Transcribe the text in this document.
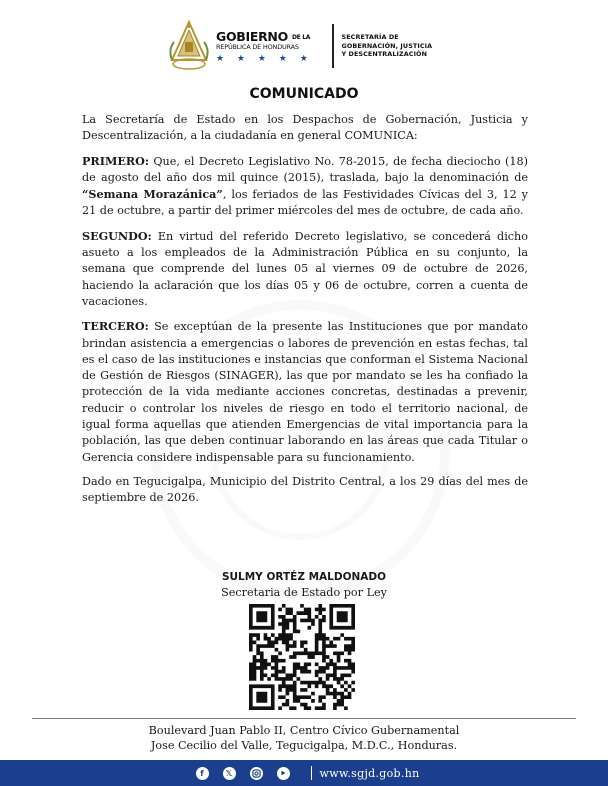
GOBIERNO DE LA
REPÚBLICA DE HONDURAS
★ ★ ★ ★ ★
SECRETARÍA DE
GOBERNACIÓN, JUSTICIA
Y DESCENTRALIZACIÓN
COMUNICADO

La Secretaría de Estado en los Despachos de Gobernación, Justicia y Descentralización, a la ciudadanía en general COMUNICA:

PRIMERO: Que, el Decreto Legislativo No. 78-2015, de fecha dieciocho (18) de agosto del año dos mil quince (2015), traslada, bajo la denominación de “Semana Morazánica”, los feriados de las Festividades Cívicas del 3, 12 y 21 de octubre, a partir del primer miércoles del mes de octubre, de cada año.

SEGUNDO: En virtud del referido Decreto legislativo, se concederá dicho asueto a los empleados de la Administración Pública en su conjunto, la semana que comprende del lunes 05 al viernes 09 de octubre de 2026, haciendo la aclaración que los días 05 y 06 de octubre, corren a cuenta de vacaciones.

TERCERO: Se exceptúan de la presente las Instituciones que por mandato brindan asistencia a emergencias o labores de prevención en estas fechas, tal es el caso de las instituciones e instancias que conforman el Sistema Nacional de Gestión de Riesgos (SINAGER), las que por mandato se les ha confiado la protección de la vida mediante acciones concretas, destinadas a prevenir, reducir o controlar los niveles de riesgo en todo el territorio nacional, de igual forma aquellas que atienden Emergencias de vital importancia para la población, las que deben continuar laborando en las áreas que cada Titular o Gerencia considere indispensable para su funcionamiento.

Dado en Tegucigalpa, Municipio del Distrito Central, a los 29 días del mes de septiembre de 2026.

SULMY ORTÉZ MALDONADO
Secretaria de Estado por Ley
Boulevard Juan Pablo II, Centro Cívico Gubernamental
Jose Cecilio del Valle, Tegucigalpa, M.D.C., Honduras.
f	𝕏	www.sgjd.gob.hn
